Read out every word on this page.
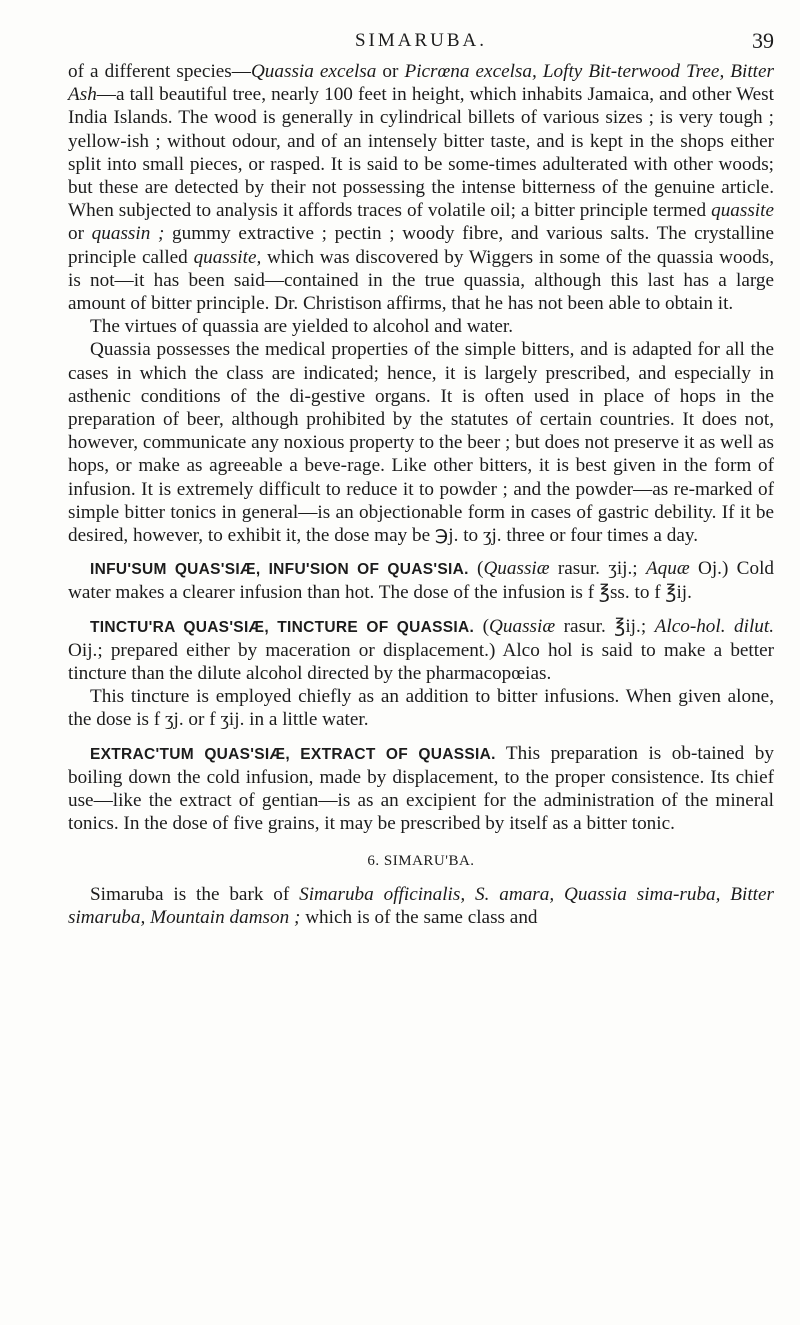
SIMARUBA.	39

of a different species—Quassia excelsa or Picrœna excelsa, Lofty Bit-terwood Tree, Bitter Ash—a tall beautiful tree, nearly 100 feet in height, which inhabits Jamaica, and other West India Islands. The wood is generally in cylindrical billets of various sizes ; is very tough ; yellow-ish ; without odour, and of an intensely bitter taste, and is kept in the shops either split into small pieces, or rasped. It is said to be some-times adulterated with other woods; but these are detected by their not possessing the intense bitterness of the genuine article. When subjected to analysis it affords traces of volatile oil; a bitter principle termed quassite or quassin ; gummy extractive ; pectin ; woody fibre, and various salts. The crystalline principle called quassite, which was discovered by Wiggers in some of the quassia woods, is not—it has been said—contained in the true quassia, although this last has a large amount of bitter principle. Dr. Christison affirms, that he has not been able to obtain it.

The virtues of quassia are yielded to alcohol and water.

Quassia possesses the medical properties of the simple bitters, and is adapted for all the cases in which the class are indicated; hence, it is largely prescribed, and especially in asthenic conditions of the di-gestive organs. It is often used in place of hops in the preparation of beer, although prohibited by the statutes of certain countries. It does not, however, communicate any noxious property to the beer ; but does not preserve it as well as hops, or make as agreeable a beve-rage. Like other bitters, it is best given in the form of infusion. It is extremely difficult to reduce it to powder ; and the powder—as re-marked of simple bitter tonics in general—is an objectionable form in cases of gastric debility. If it be desired, however, to exhibit it, the dose may be ℈j. to ʒj. three or four times a day.

INFU'SUM QUAS'SIÆ, INFU'SION OF QUAS'SIA. (Quassiæ rasur. ʒij.; Aquæ Oj.) Cold water makes a clearer infusion than hot. The dose of the infusion is f ℥ss. to f ℥ij.

TINCTU'RA QUAS'SIÆ, TINCTURE OF QUASSIA. (Quassiæ rasur. ℥ij.; Alco-hol. dilut. Oij.; prepared either by maceration or displacement.) Alco hol is said to make a better tincture than the dilute alcohol directed by the pharmacopœias.

This tincture is employed chiefly as an addition to bitter infusions. When given alone, the dose is f ʒj. or f ʒij. in a little water.

EXTRAC'TUM QUAS'SIÆ, EXTRACT OF QUASSIA. This preparation is ob-tained by boiling down the cold infusion, made by displacement, to the proper consistence. Its chief use—like the extract of gentian—is as an excipient for the administration of the mineral tonics. In the dose of five grains, it may be prescribed by itself as a bitter tonic.

6. SIMARU'BA.

Simaruba is the bark of Simaruba officinalis, S. amara, Quassia sima-ruba, Bitter simaruba, Mountain damson ; which is of the same class and
